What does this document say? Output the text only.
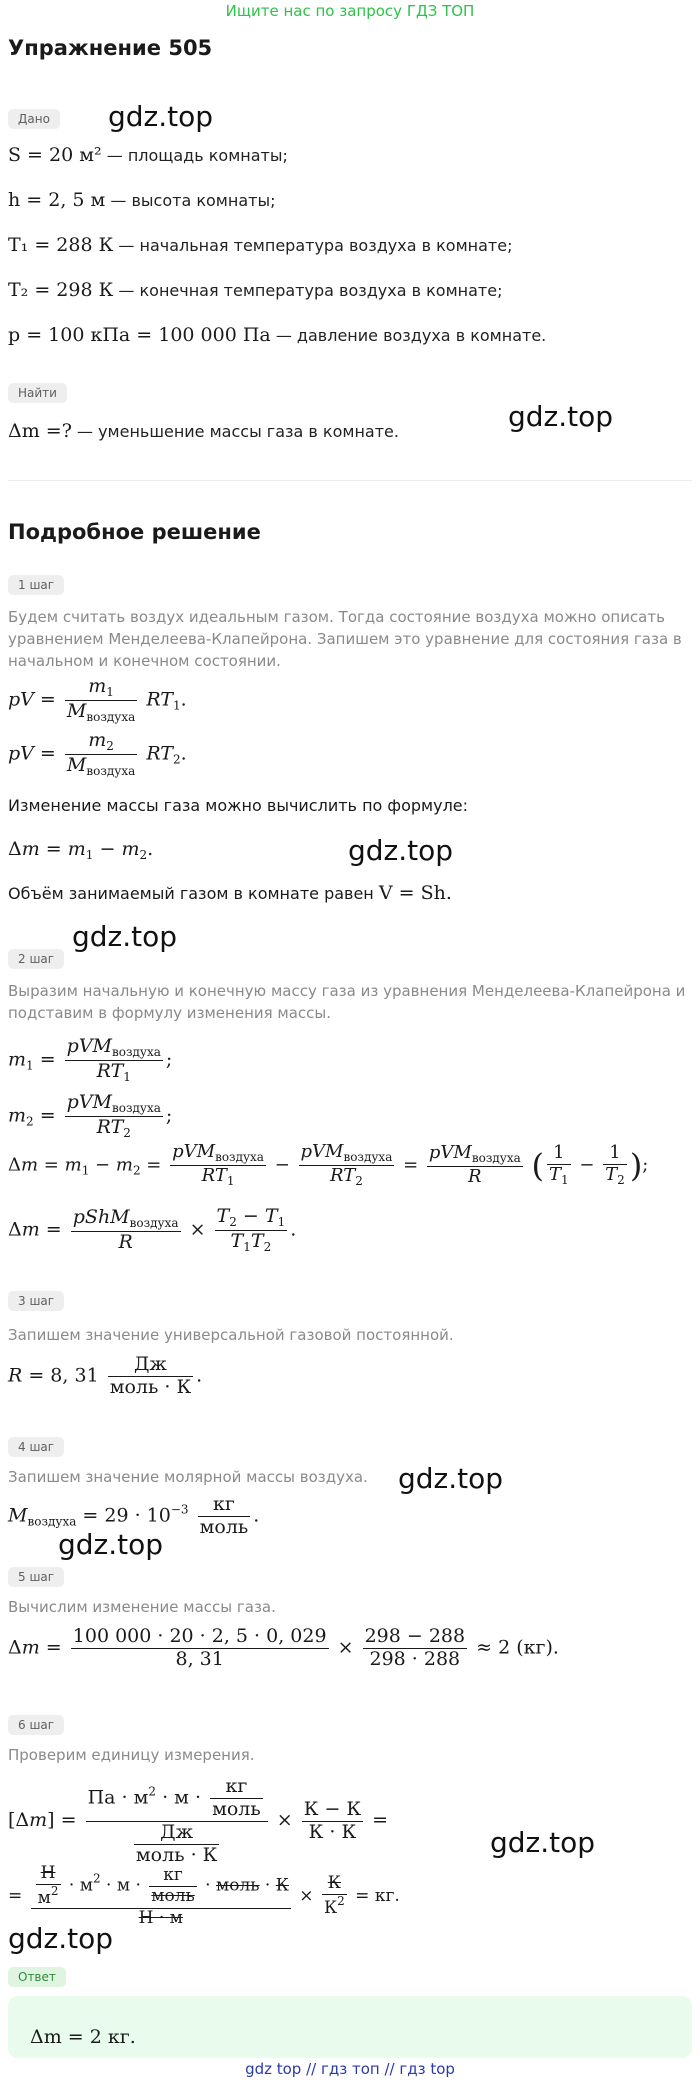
Ищите нас по запросу ГДЗ ТОП
Упражнение 505
Дано	gdz.top
S = 20 м² — площадь комнаты;
h = 2, 5 м — высота комнаты;
T₁ = 288 К — начальная температура воздуха в комнате;
T₂ = 298 К — конечная температура воздуха в комнате;
p = 100 кПа = 100 000 Па — давление воздуха в комнате.
Найти
Δm =? — уменьшение массы газа в комнате.	gdz.top
Подробное решение
1 шаг
Будем считать воздух идеальным газом. Тогда состояние воздуха можно описать уравнением Менделеева-Клапейрона. Запишем это уравнение для состояния газа в начальном и конечном состоянии.
pV = $\frac{m_1}{M_{воздуха}} RT_1$.
pV = $\frac{m_2}{M_{воздуха}} RT_2$.
Изменение массы газа можно вычислить по формуле:
$\Delta m = m_1 - m_2$.	gdz.top
Объём занимаемый газом в комнате равен V = Sh.
gdz.top
2 шаг
Выразим начальную и конечную массу газа из уравнения Менделеева-Клапейрона и подставим в формулу изменения массы.
$m_1 = \frac{pVM_{воздуха}}{RT_1}$ ;
$m_2 = \frac{pVM_{воздуха}}{RT_2}$ ;
$\Delta m = m_1 - m_2 = \frac{pVM_{воздуха}}{RT_1} - \frac{pVM_{воздуха}}{RT_2} = \frac{pVM_{воздуха}}{R}$ ( $\frac{1}{T_1} - \frac{1}{T_2}$ );
$\Delta m = \frac{pShM_{воздуха}}{R} \times \frac{T_2 - T_1}{T_1T_2}$ .
3 шаг
Запишем значение универсальной газовой постоянной.
R = 8, $31 \frac{Дж}{\text{моль · К}}$ .
4 шаг
Запишем значение молярной массы воздуха.	gdz.top
$M_{воздуха} = 29 \cdot 10^{-3} \frac{кг}{\text{моль}}$ .
gdz.top
5 шаг
Вычислим изменение массы газа.
$\Delta m = \frac{100 000 \cdot 20 \cdot 2, 5 \cdot 0, 029}{8, 31} \times \frac{298 - 288}{298 \cdot 288} \approx 2$ (кг).
6 шаг
Проверим единицу измерения.
$[\Delta m] = \frac{Па \cdot м^2 \cdot м \cdot \frac{кг}{\text{моль}}}{\frac{Дж}{\text{моль · К}}} \times \frac{К - К}{К \cdot К}$ =
gdz.top
= $\frac{\frac{Н}{м^2} \cdot м^2 \cdot м \cdot \frac{кг}{\text{моль}} \cdot моль \cdot К}{Н \cdot м} \times \frac{К}{К^2}$ = кг.
gdz.top
Ответ
Δm = 2 кг.
gdz top // гдз топ // гдз top
